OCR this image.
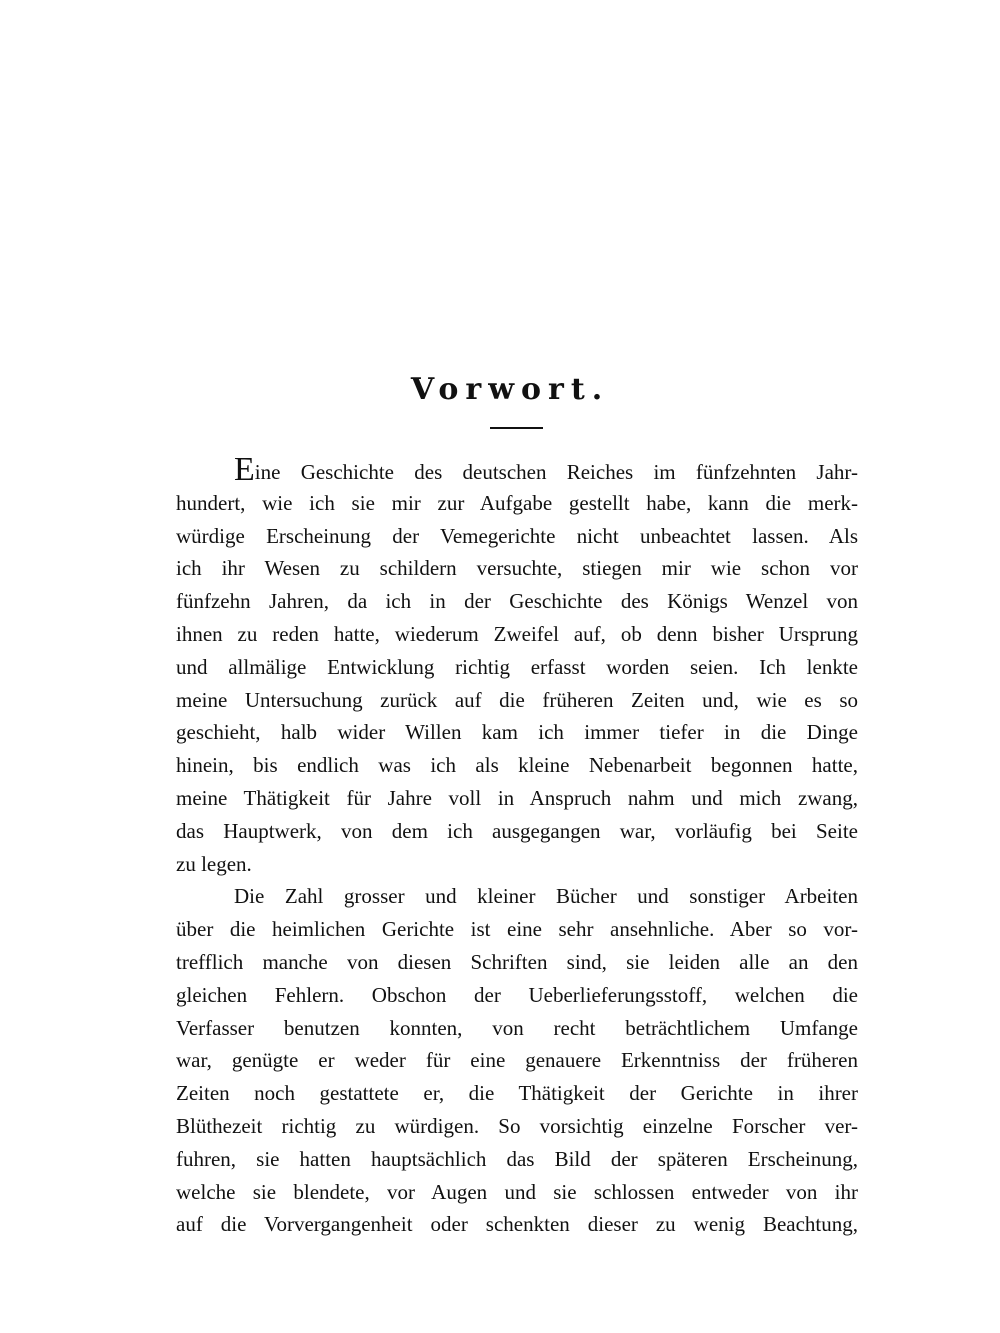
Vorwort.
Eine Geschichte des deutschen Reiches im fünfzehnten Jahr-
hundert, wie ich sie mir zur Aufgabe gestellt habe, kann die merk-
würdige Erscheinung der Vemegerichte nicht unbeachtet lassen. Als
ich ihr Wesen zu schildern versuchte, stiegen mir wie schon vor
fünfzehn Jahren, da ich in der Geschichte des Königs Wenzel von
ihnen zu reden hatte, wiederum Zweifel auf, ob denn bisher Ursprung
und allmälige Entwicklung richtig erfasst worden seien. Ich lenkte
meine Untersuchung zurück auf die früheren Zeiten und, wie es so
geschieht, halb wider Willen kam ich immer tiefer in die Dinge
hinein, bis endlich was ich als kleine Nebenarbeit begonnen hatte,
meine Thätigkeit für Jahre voll in Anspruch nahm und mich zwang,
das Hauptwerk, von dem ich ausgegangen war, vorläufig bei Seite
zu legen.
Die Zahl grosser und kleiner Bücher und sonstiger Arbeiten
über die heimlichen Gerichte ist eine sehr ansehnliche. Aber so vor-
trefflich manche von diesen Schriften sind, sie leiden alle an den
gleichen Fehlern. Obschon der Ueberlieferungsstoff, welchen die
Verfasser benutzen konnten, von recht beträchtlichem Umfange
war, genügte er weder für eine genauere Erkenntniss der früheren
Zeiten noch gestattete er, die Thätigkeit der Gerichte in ihrer
Blüthezeit richtig zu würdigen. So vorsichtig einzelne Forscher ver-
fuhren, sie hatten hauptsächlich das Bild der späteren Erscheinung,
welche sie blendete, vor Augen und sie schlossen entweder von ihr
auf die Vorvergangenheit oder schenkten dieser zu wenig Beachtung,
